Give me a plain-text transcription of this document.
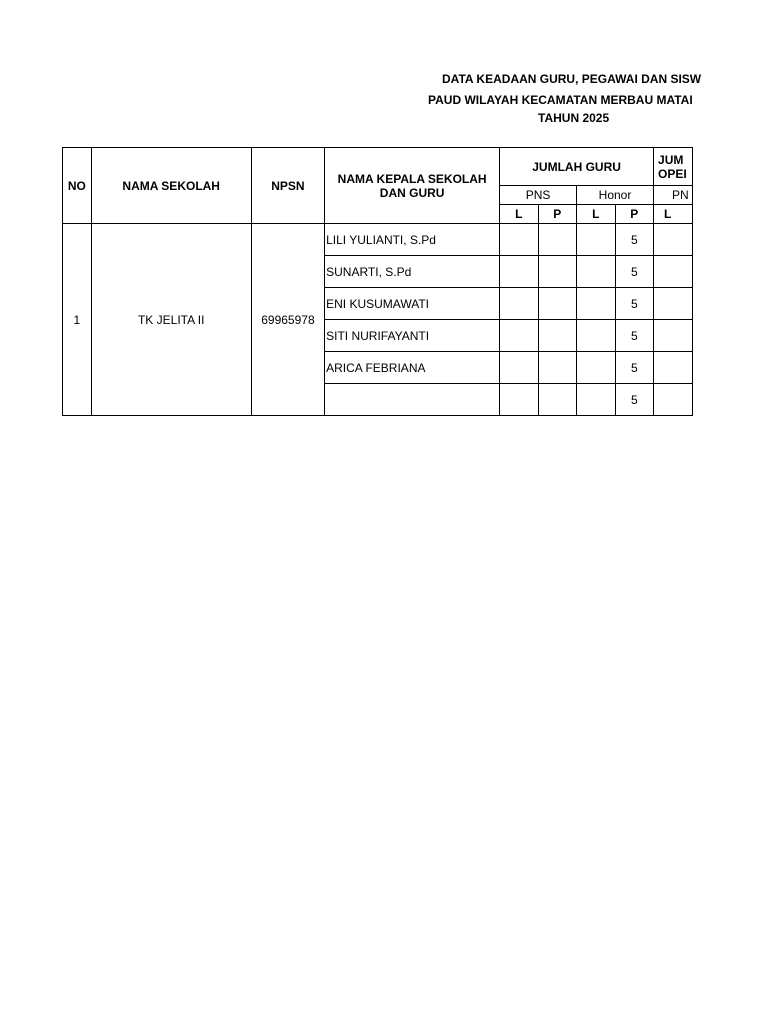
DATA KEADAAN GURU, PEGAWAI DAN SISW
PAUD WILAYAH KECAMATAN MERBAU MATAI
TAHUN 2025
NO	NAMA SEKOLAH	NPSN	NAMA KEPALA SEKOLAH DAN GURU	JUMLAH GURU				JUM OPEI
				PNS		Honor		PN
				L	P	L	P	L
1	TK JELITA II	69965978	LILI YULIANTI, S.Pd				5	
			SUNARTI, S.Pd				5	
			ENI KUSUMAWATI				5	
			SITI NURIFAYANTI				5	
			ARICA FEBRIANA				5	
							5	
